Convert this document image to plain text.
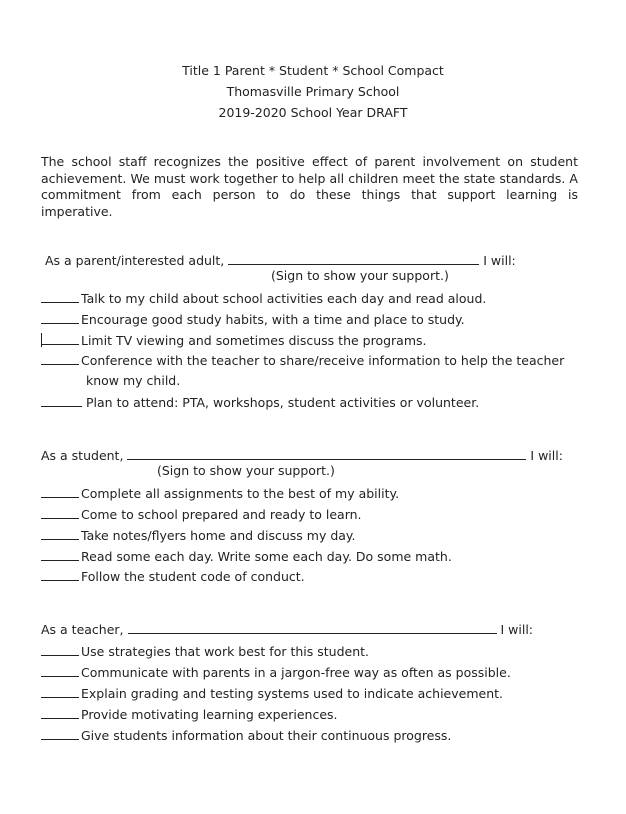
Title 1 Parent * Student * School Compact
Thomasville Primary School
2019-2020 School Year DRAFT
The school staff recognizes the positive effect of parent involvement on student achievement. We must work together to help all children meet the state standards. A commitment from each person to do these things that support learning is imperative.
As a parent/interested adult,	I will:
(Sign to show your support.)
Talk to my child about school activities each day and read aloud.
Encourage good study habits, with a time and place to study.
Limit TV viewing and sometimes discuss the programs.
Conference with the teacher to share/receive information to help the teacher
know my child.
Plan to attend: PTA, workshops, student activities or volunteer.
As a student,	I will:
(Sign to show your support.)
Complete all assignments to the best of my ability.
Come to school prepared and ready to learn.
Take notes/flyers home and discuss my day.
Read some each day. Write some each day. Do some math.
Follow the student code of conduct.
As a teacher,	I will:
Use strategies that work best for this student.
Communicate with parents in a jargon-free way as often as possible.
Explain grading and testing systems used to indicate achievement.
Provide motivating learning experiences.
Give students information about their continuous progress.
